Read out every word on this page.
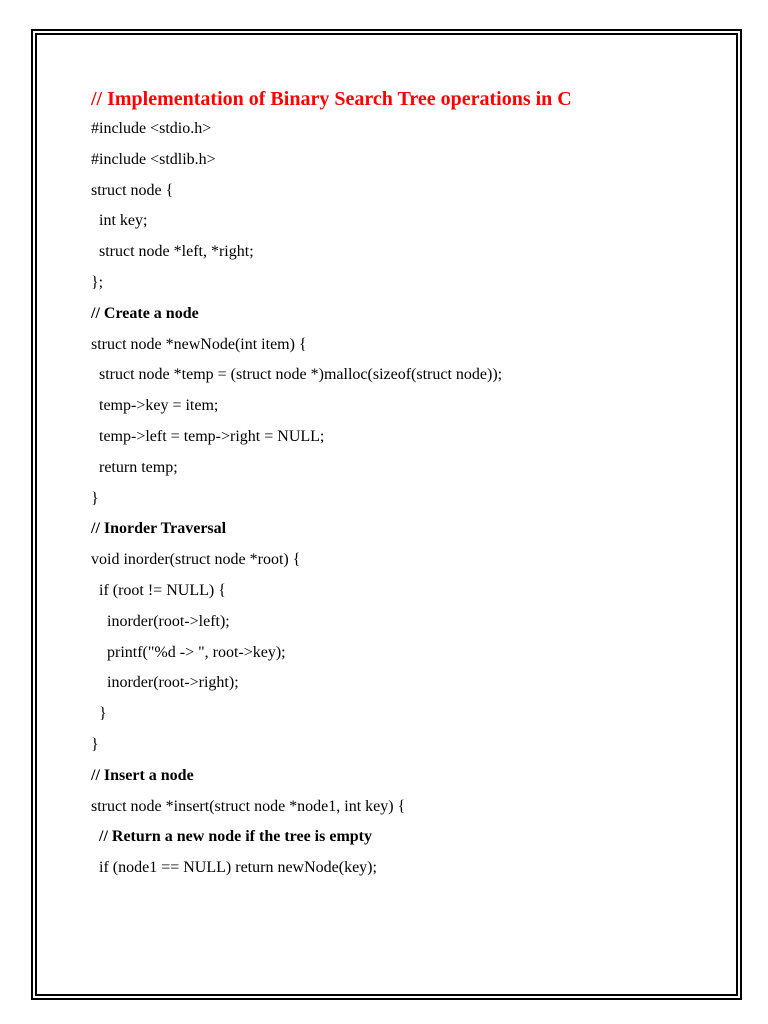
// Implementation of Binary Search Tree operations in C

#include <stdio.h>

#include <stdlib.h>

struct node {

int key;

struct node *left, *right;

};

// Create a node

struct node *newNode(int item) {

struct node *temp = (struct node *)malloc(sizeof(struct node));

temp->key = item;

temp->left = temp->right = NULL;

return temp;

}

// Inorder Traversal

void inorder(struct node *root) {

if (root != NULL) {

inorder(root->left);

printf("%d -> ", root->key);

inorder(root->right);

}

}

// Insert a node

struct node *insert(struct node *node1, int key) {

// Return a new node if the tree is empty

if (node1 == NULL) return newNode(key);
